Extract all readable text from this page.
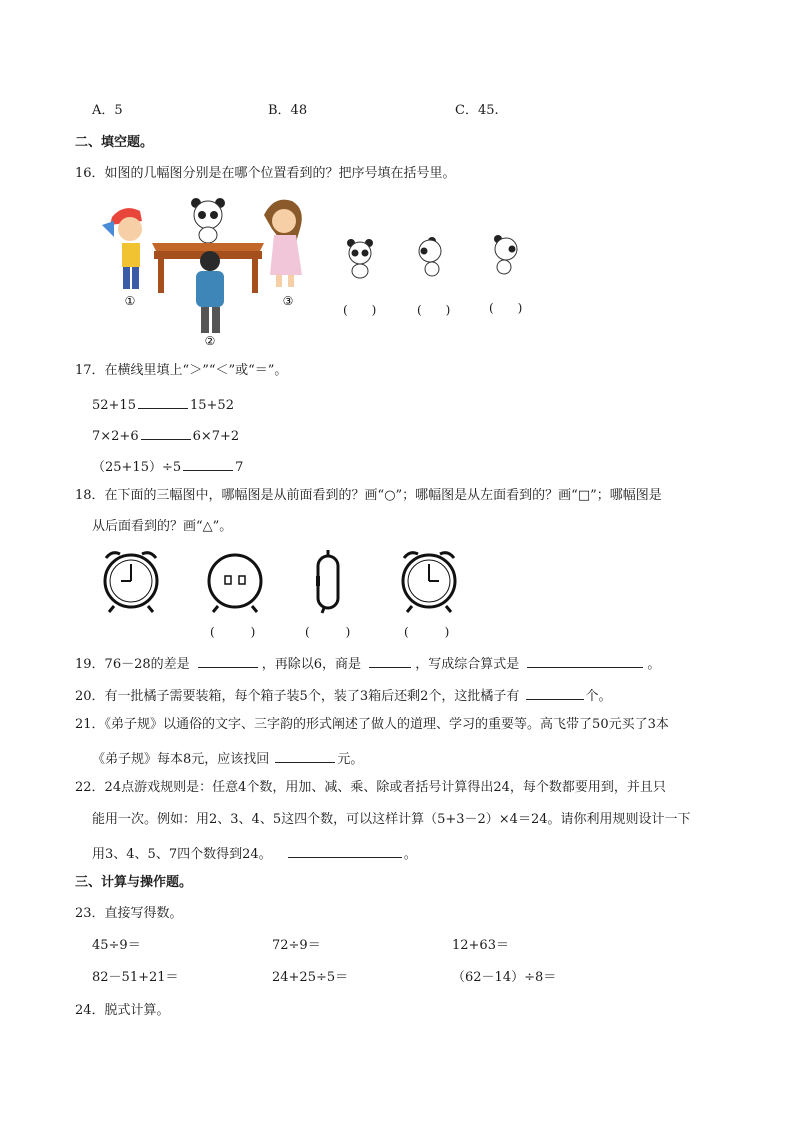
A．5	B．48	C．45.
二、填空题。
16．如图的几幅图分别是在哪个位置看到的？把序号填在括号里。
①
②
③
(　　)	(　　)	(　　)
17．在横线里填上“＞”“＜”或“＝”。
52+15	15+52
7×2+6	6×7+2
（25+15）÷5	7
18．在下面的三幅图中，哪幅图是从前面看到的？画“○”；哪幅图是从左面看到的？画“□”；哪幅图是
从后面看到的？画“△”。
(　　　)	(　　　)	(　　　)
19．76－28的差是	，再除以6，商是	，写成综合算式是	。
20．有一批橘子需要装箱，每个箱子装5个，装了3箱后还剩2个，这批橘子有	个。
21．《弟子规》以通俗的文字、三字韵的形式阐述了做人的道理、学习的重要等。高飞带了50元买了3本
《弟子规》每本8元，应该找回	元。
22．24点游戏规则是：任意4个数，用加、减、乘、除或者括号计算得出24，每个数都要用到，并且只
能用一次。例如：用2、3、4、5这四个数，可以这样计算（5+3－2）×4＝24。请你利用规则设计一下
用3、4、5、7四个数得到24。	。
三、计算与操作题。
23．直接写得数。
45÷9＝	72÷9＝	12+63＝
82－51+21＝	24+25÷5＝	（62－14）÷8＝
24．脱式计算。
